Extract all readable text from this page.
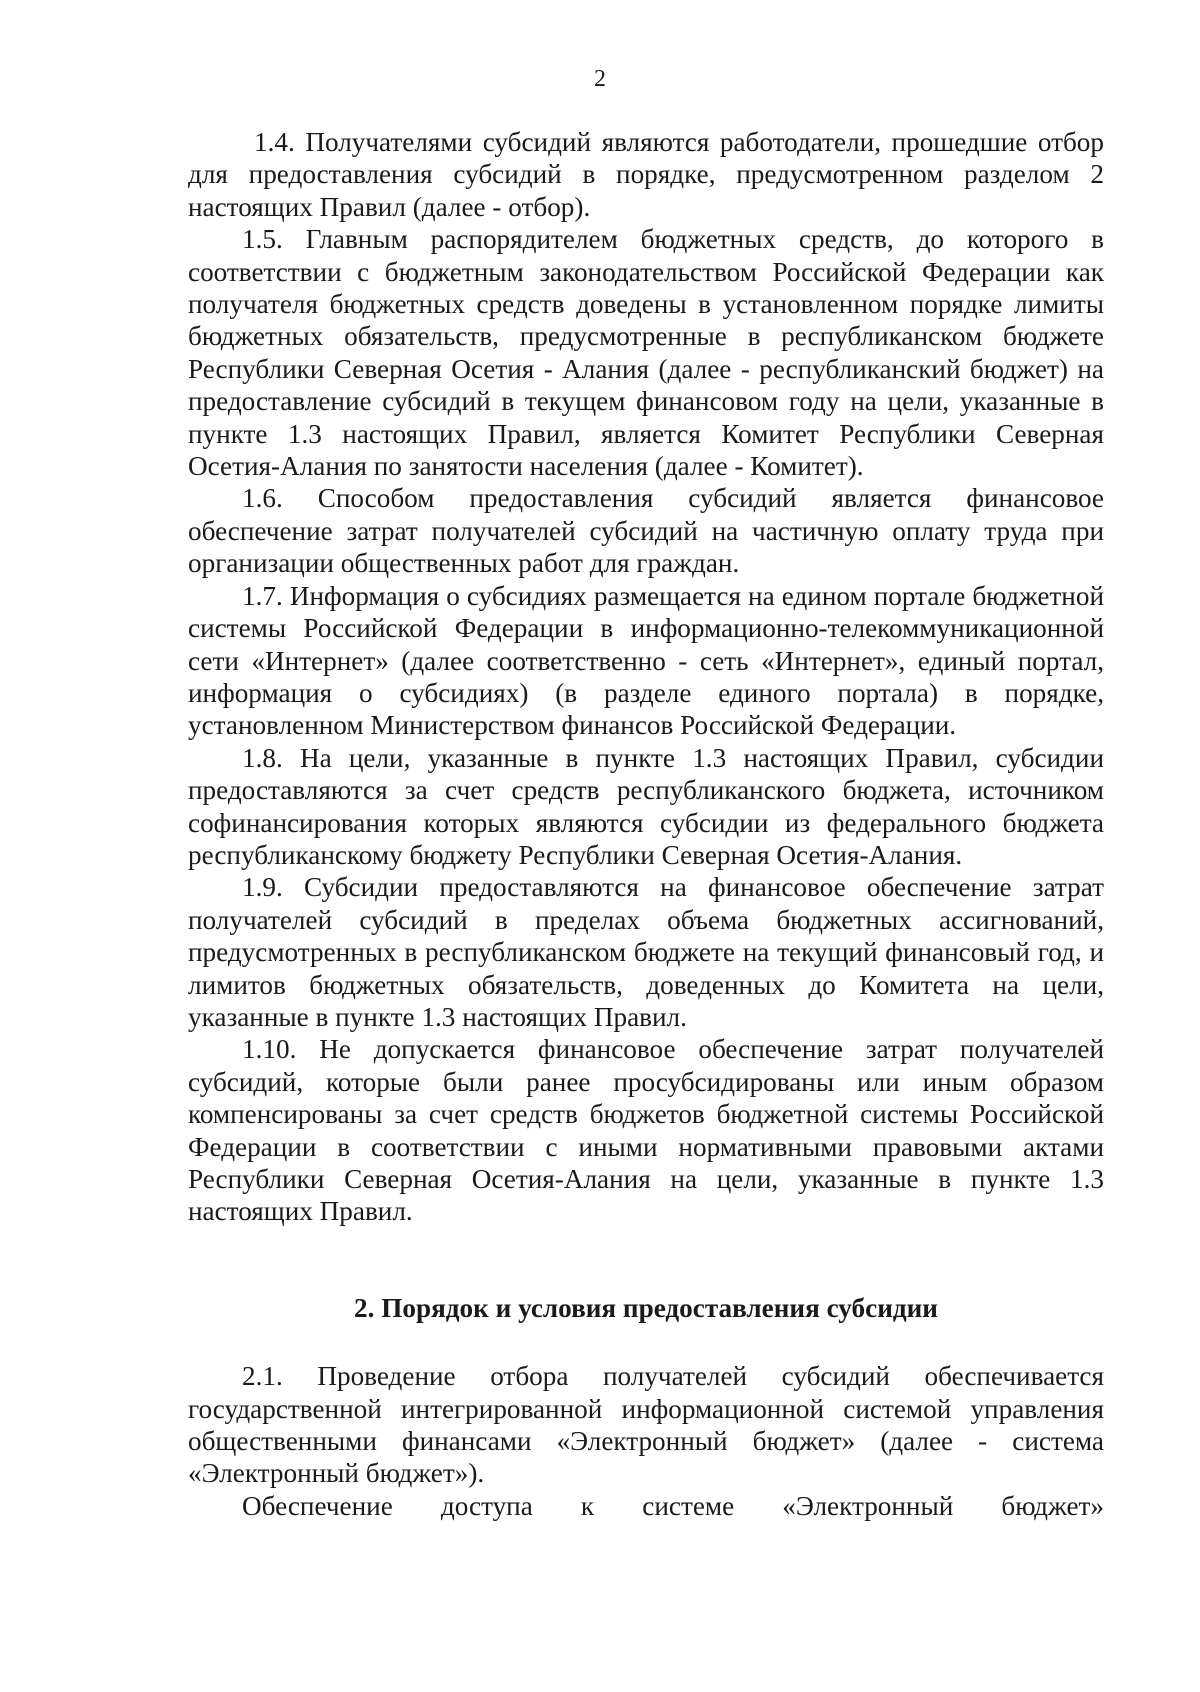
2

1.4. Получателями субсидий являются работодатели, прошедшие отбор для предоставления субсидий в порядке, предусмотренном разделом 2 настоящих Правил (далее - отбор).

1.5. Главным распорядителем бюджетных средств, до которого в соответствии с бюджетным законодательством Российской Федерации как получателя бюджетных средств доведены в установленном порядке лимиты бюджетных обязательств, предусмотренные в республиканском бюджете Республики Северная Осетия - Алания (далее - республиканский бюджет) на предоставление субсидий в текущем финансовом году на цели, указанные в пункте 1.3 настоящих Правил, является Комитет Республики Северная Осетия-Алания по занятости населения (далее - Комитет).

1.6. Способом предоставления субсидий является финансовое обеспечение затрат получателей субсидий на частичную оплату труда при организации общественных работ для граждан.

1.7. Информация о субсидиях размещается на едином портале бюджетной системы Российской Федерации в информационно-телекоммуникационной сети «Интернет» (далее соответственно - сеть «Интернет», единый портал, информация о субсидиях) (в разделе единого портала) в порядке, установленном Министерством финансов Российской Федерации.

1.8. На цели, указанные в пункте 1.3 настоящих Правил, субсидии предоставляются за счет средств республиканского бюджета, источником софинансирования которых являются субсидии из федерального бюджета республиканскому бюджету Республики Северная Осетия-Алания.

1.9. Субсидии предоставляются на финансовое обеспечение затрат получателей субсидий в пределах объема бюджетных ассигнований, предусмотренных в республиканском бюджете на текущий финансовый год, и лимитов бюджетных обязательств, доведенных до Комитета на цели, указанные в пункте 1.3 настоящих Правил.

1.10. Не допускается финансовое обеспечение затрат получателей субсидий, которые были ранее просубсидированы или иным образом компенсированы за счет средств бюджетов бюджетной системы Российской Федерации в соответствии с иными нормативными правовыми актами Республики Северная Осетия-Алания на цели, указанные в пункте 1.3 настоящих Правил.

2. Порядок и условия предоставления субсидии

2.1. Проведение отбора получателей субсидий обеспечивается государственной интегрированной информационной системой управления общественными финансами «Электронный бюджет» (далее - система «Электронный бюджет»).

Обеспечение доступа к системе «Электронный бюджет»
